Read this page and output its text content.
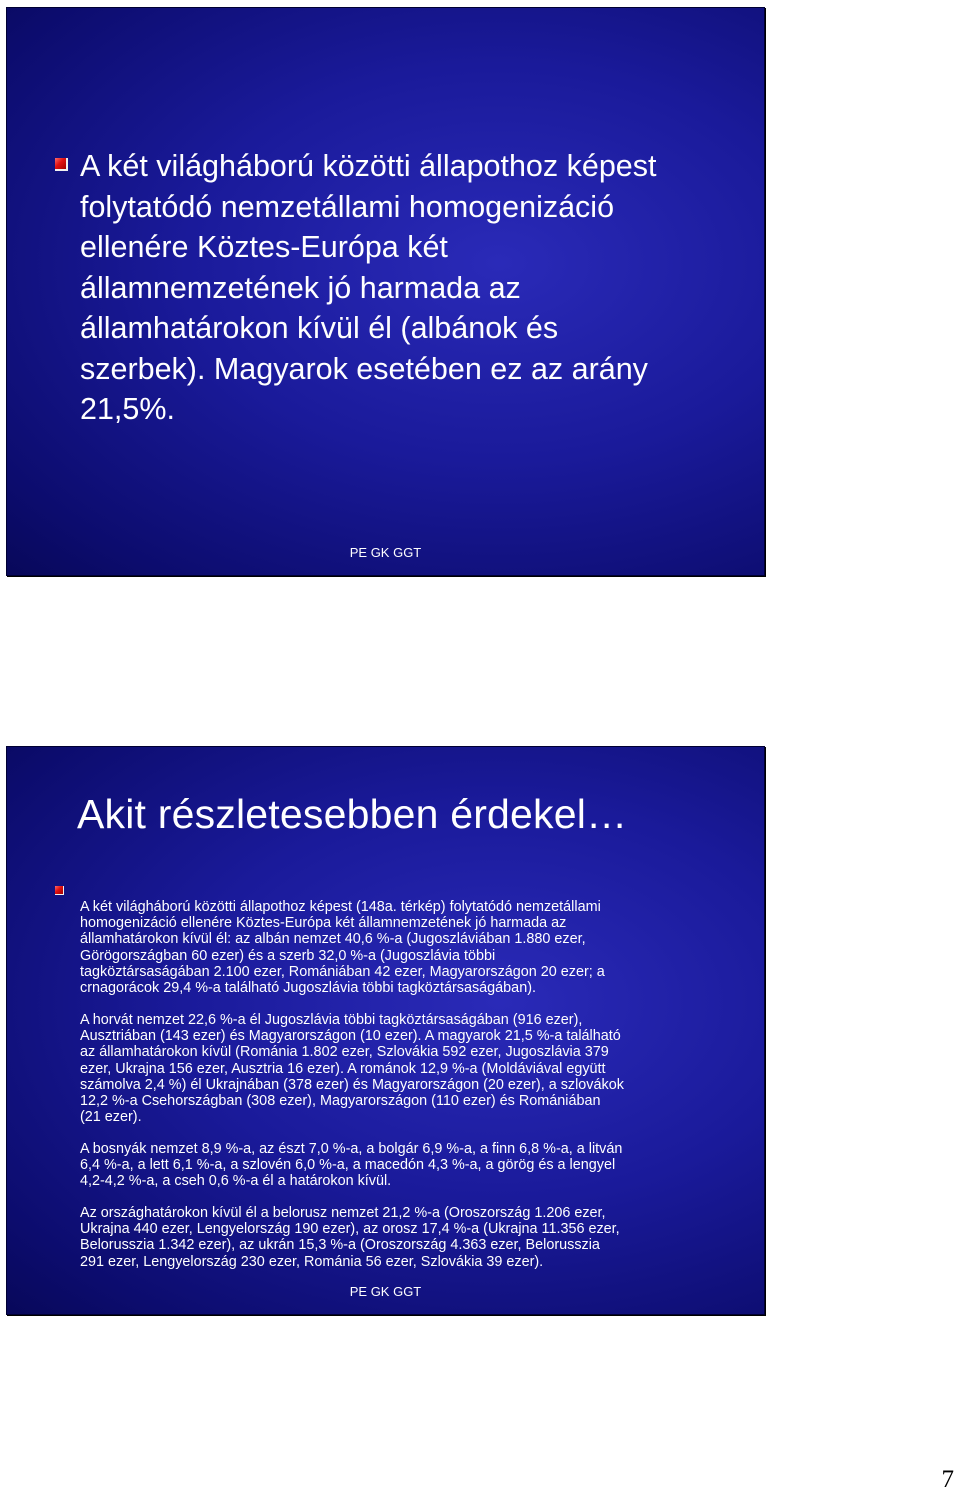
A két világháború közötti állapothoz képest
folytatódó nemzetállami homogenizáció
ellenére Köztes-Európa két
államnemzetének jó harmada az
államhatárokon kívül él (albánok és
szerbek). Magyarok esetében ez az arány
21,5%.
PE GK GGT
Akit részletesebben érdekel…
A két világháború közötti állapothoz képest (148a. térkép) folytatódó nemzetállami
homogenizáció ellenére Köztes-Európa két államnemzetének jó harmada az
államhatárokon kívül él: az albán nemzet 40,6 %-a (Jugoszláviában 1.880 ezer,
Görögországban 60 ezer) és a szerb 32,0 %-a (Jugoszlávia többi
tagköztársaságában 2.100 ezer, Romániában 42 ezer, Magyarországon 20 ezer; a
crnagorácok 29,4 %-a található Jugoszlávia többi tagköztársaságában).
A horvát nemzet 22,6 %-a él Jugoszlávia többi tagköztársaságában (916 ezer),
Ausztriában (143 ezer) és Magyarországon (10 ezer). A magyarok 21,5 %-a található
az államhatárokon kívül (Románia 1.802 ezer, Szlovákia 592 ezer, Jugoszlávia 379
ezer, Ukrajna 156 ezer, Ausztria 16 ezer). A románok 12,9 %-a (Moldáviával együtt
számolva 2,4 %) él Ukrajnában (378 ezer) és Magyarországon (20 ezer), a szlovákok
12,2 %-a Csehországban (308 ezer), Magyarországon (110 ezer) és Romániában
(21 ezer).
A bosnyák nemzet 8,9 %-a, az észt 7,0 %-a, a bolgár 6,9 %-a, a finn 6,8 %-a, a litván
6,4 %-a, a lett 6,1 %-a, a szlovén 6,0 %-a, a macedón 4,3 %-a, a görög és a lengyel
4,2-4,2 %-a, a cseh 0,6 %-a él a határokon kívül.
Az országhatárokon kívül él a belorusz nemzet 21,2 %-a (Oroszország 1.206 ezer,
Ukrajna 440 ezer, Lengyelország 190 ezer), az orosz 17,4 %-a (Ukrajna 11.356 ezer,
Belorusszia 1.342 ezer), az ukrán 15,3 %-a (Oroszország 4.363 ezer, Belorusszia
291 ezer, Lengyelország 230 ezer, Románia 56 ezer, Szlovákia 39 ezer).
PE GK GGT
7
